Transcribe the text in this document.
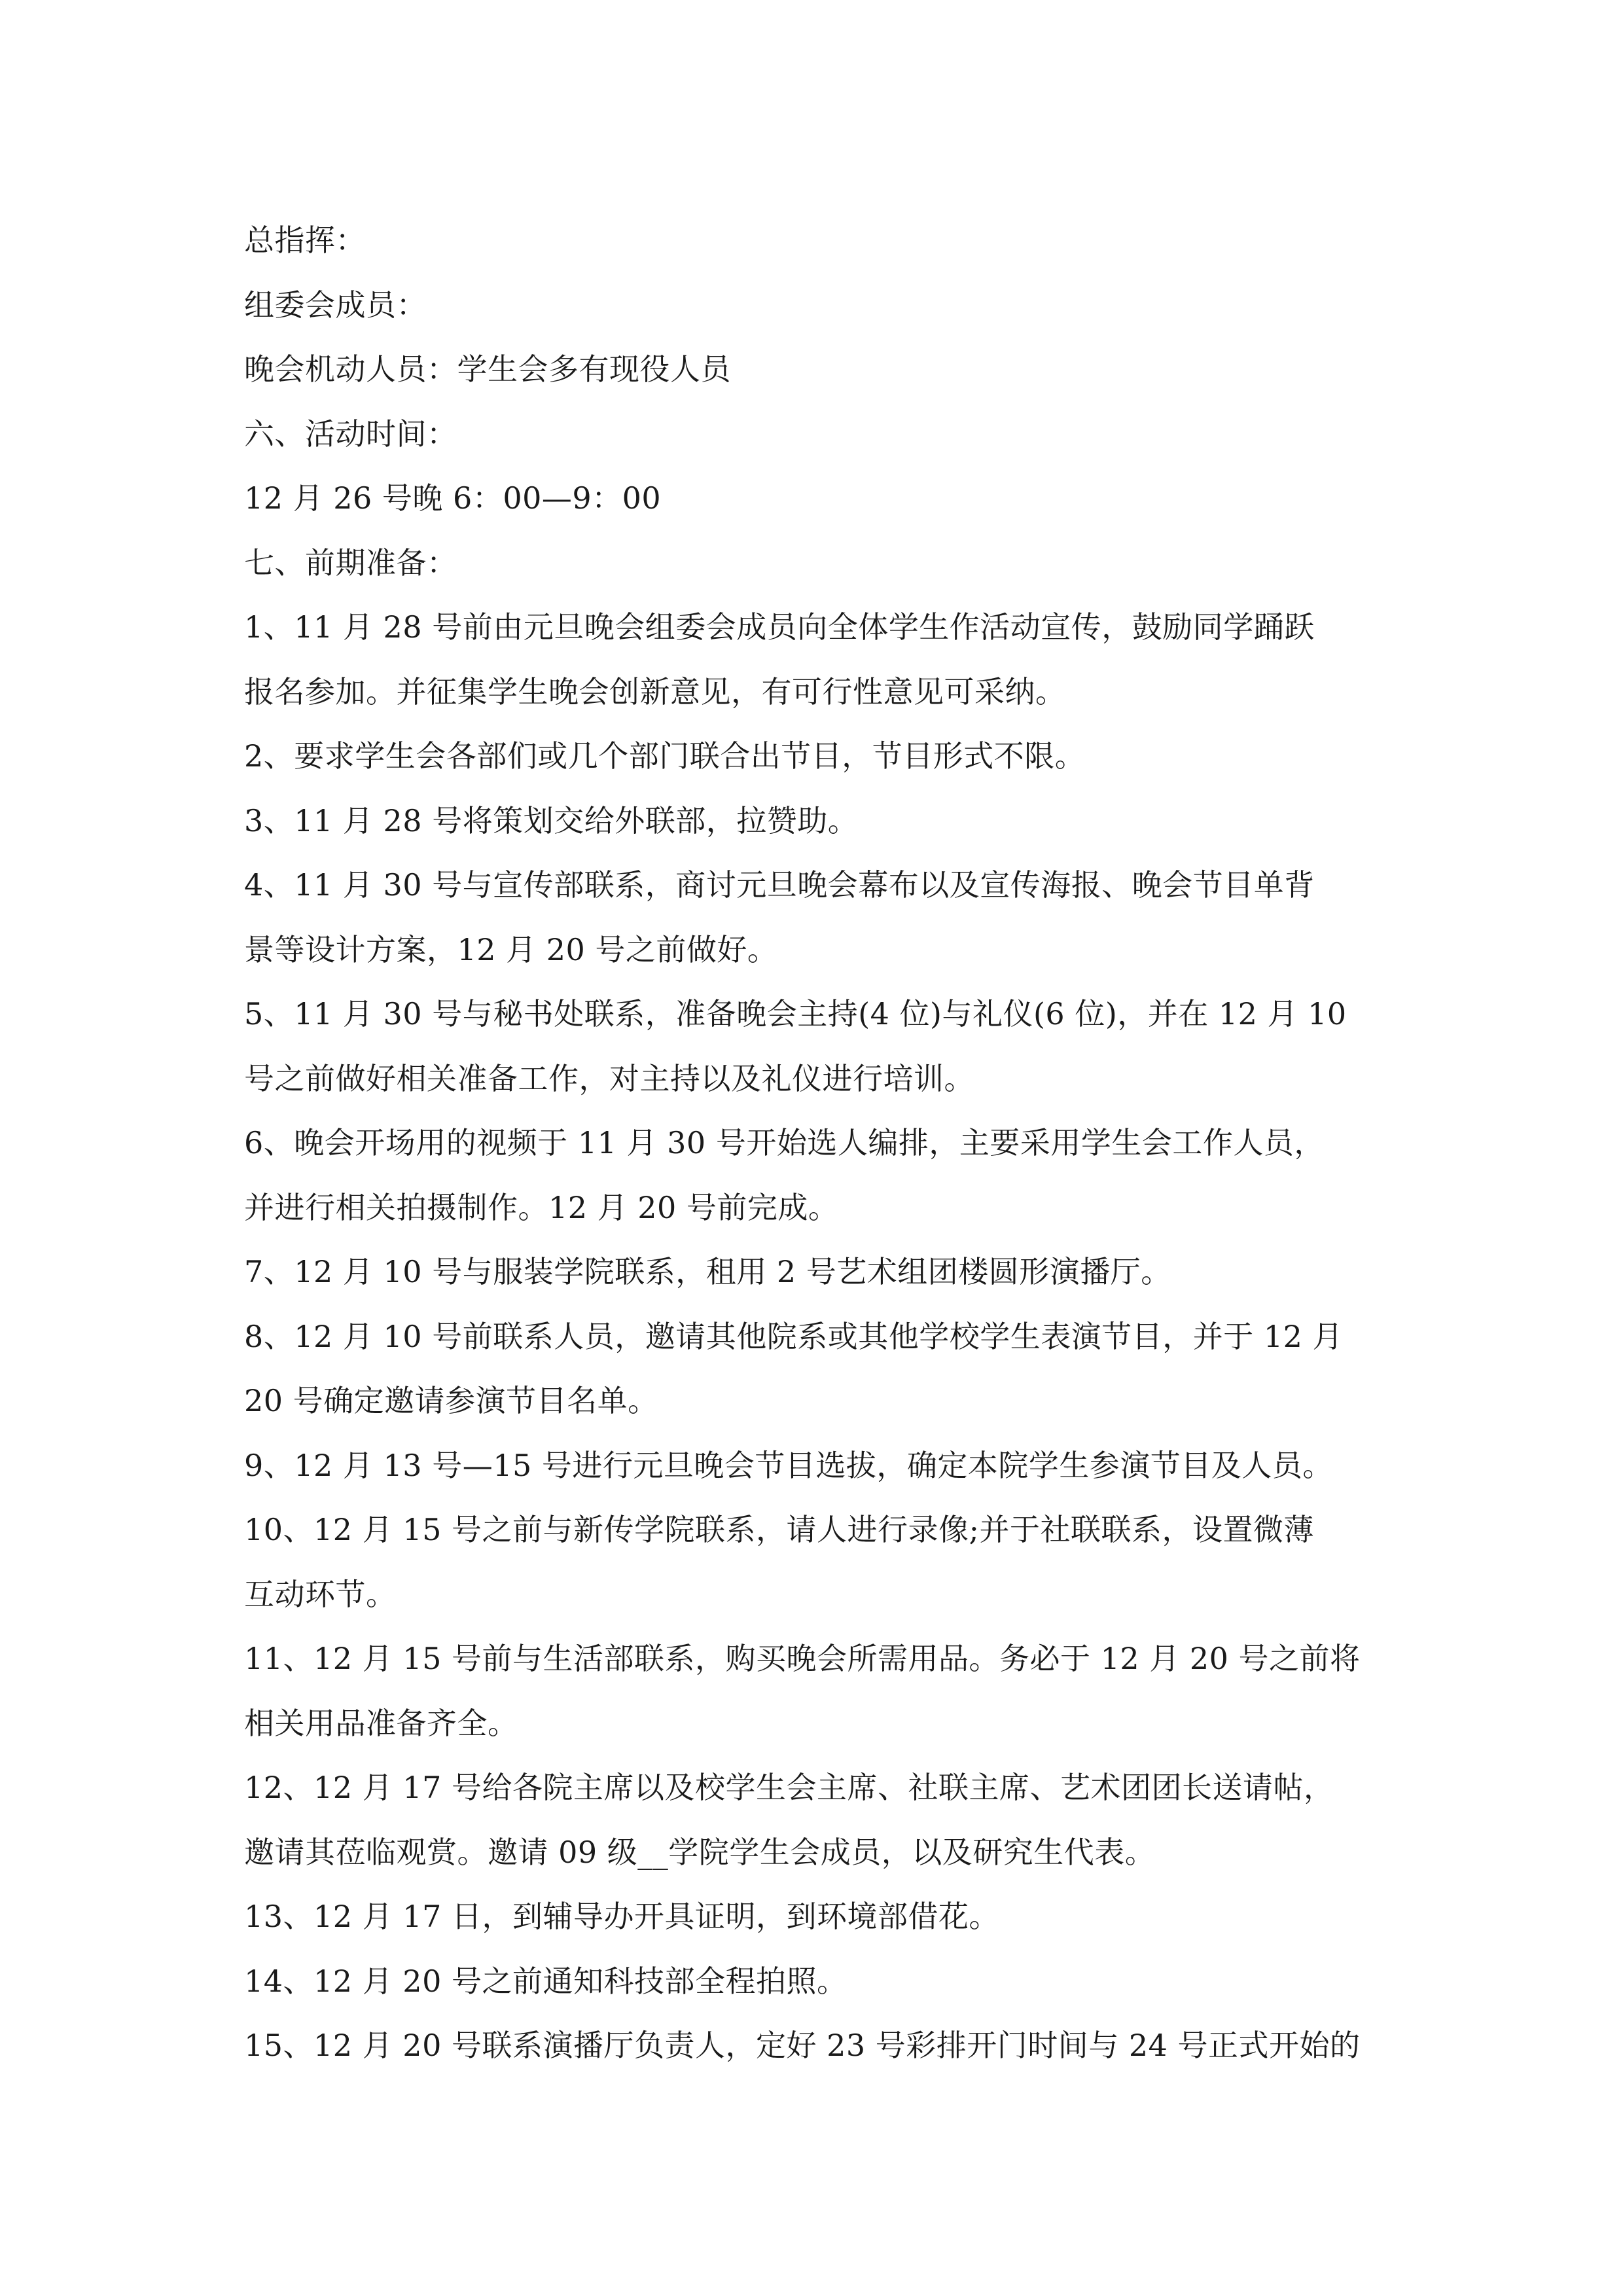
总指挥：
组委会成员：
晚会机动人员：学生会多有现役人员
六、活动时间：
12 月 26 号晚 6：00—9：00
七、前期准备：
1、11 月 28 号前由元旦晚会组委会成员向全体学生作活动宣传，鼓励同学踊跃
报名参加。并征集学生晚会创新意见，有可行性意见可采纳。
2、要求学生会各部们或几个部门联合出节目，节目形式不限。
3、11 月 28 号将策划交给外联部，拉赞助。
4、11 月 30 号与宣传部联系，商讨元旦晚会幕布以及宣传海报、晚会节目单背
景等设计方案，12 月 20 号之前做好。
5、11 月 30 号与秘书处联系，准备晚会主持(4 位)与礼仪(6 位)，并在 12 月 10
号之前做好相关准备工作，对主持以及礼仪进行培训。
6、晚会开场用的视频于 11 月 30 号开始选人编排，主要采用学生会工作人员，
并进行相关拍摄制作。12 月 20 号前完成。
7、12 月 10 号与服装学院联系，租用 2 号艺术组团楼圆形演播厅。
8、12 月 10 号前联系人员，邀请其他院系或其他学校学生表演节目，并于 12 月
20 号确定邀请参演节目名单。
9、12 月 13 号—15 号进行元旦晚会节目选拔，确定本院学生参演节目及人员。
10、12 月 15 号之前与新传学院联系，请人进行录像;并于社联联系，设置微薄
互动环节。
11、12 月 15 号前与生活部联系，购买晚会所需用品。务必于 12 月 20 号之前将
相关用品准备齐全。
12、12 月 17 号给各院主席以及校学生会主席、社联主席、艺术团团长送请帖，
邀请其莅临观赏。邀请 09 级__学院学生会成员，以及研究生代表。
13、12 月 17 日，到辅导办开具证明，到环境部借花。
14、12 月 20 号之前通知科技部全程拍照。
15、12 月 20 号联系演播厅负责人，定好 23 号彩排开门时间与 24 号正式开始的
